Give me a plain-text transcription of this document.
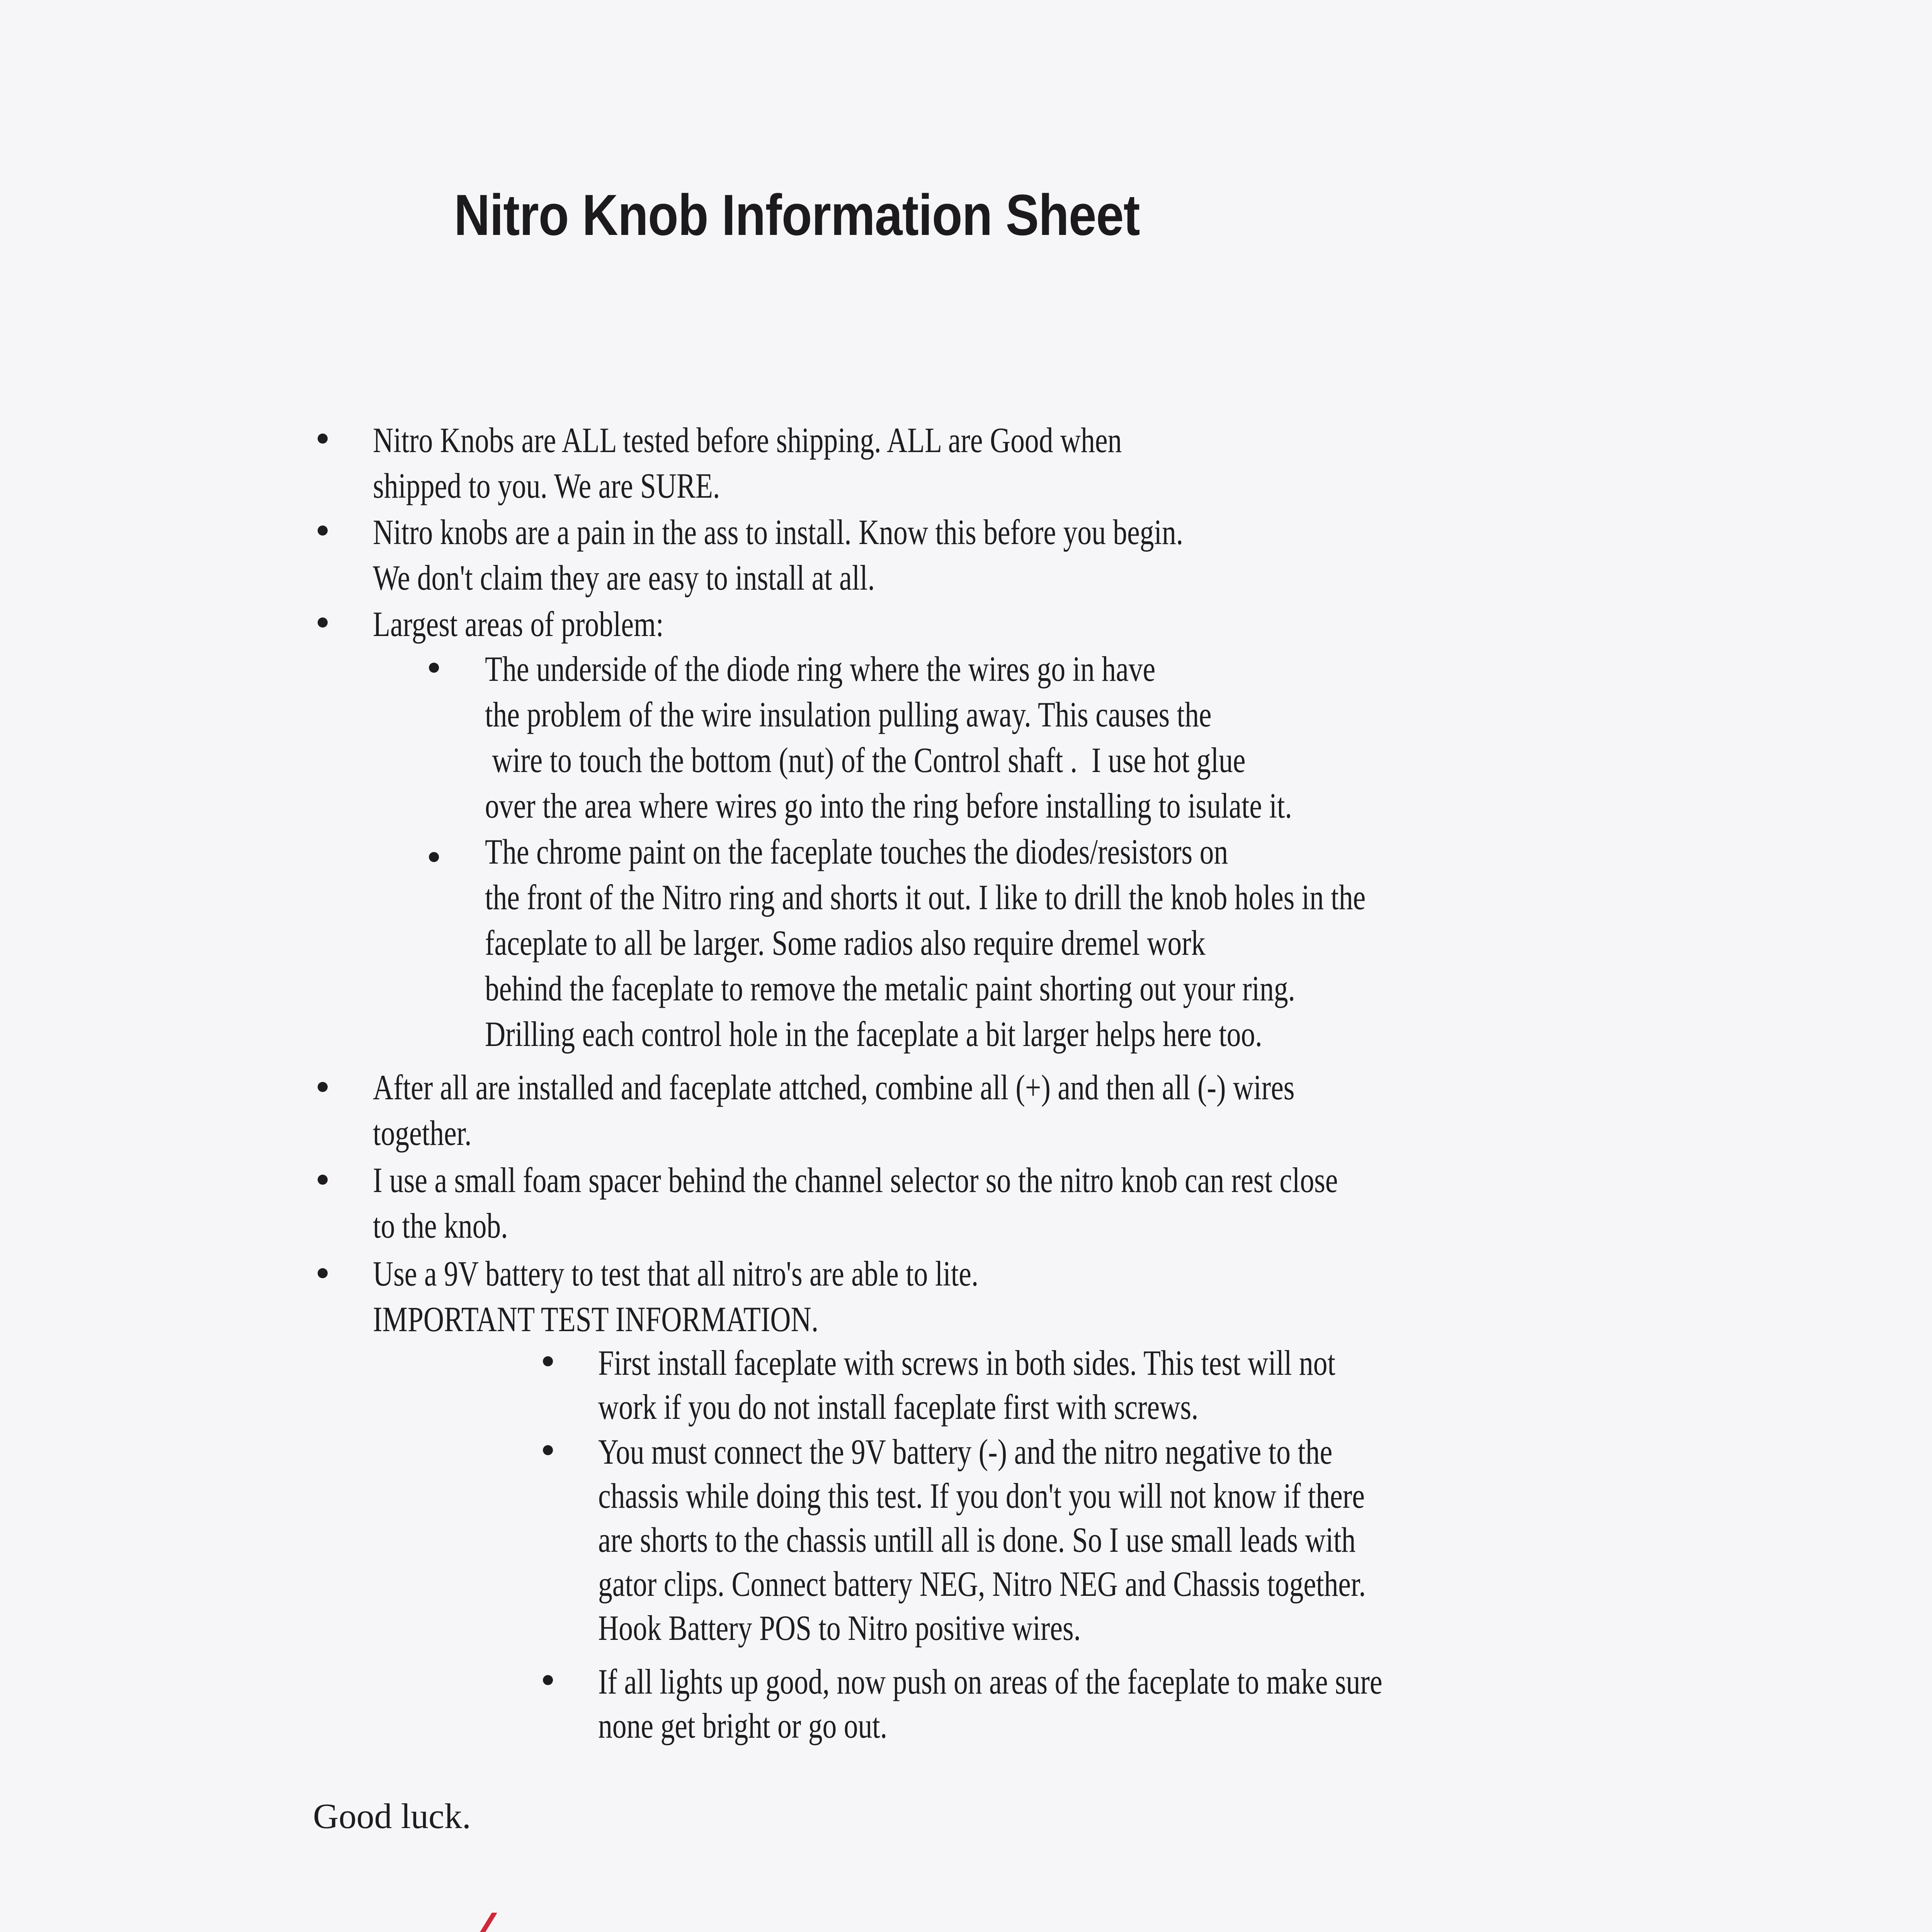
Nitro Knob Information Sheet
Nitro Knobs are ALL tested before shipping. ALL are Good when
shipped to you. We are SURE.
Nitro knobs are a pain in the ass to install. Know this before you begin.
We don't claim they are easy to install at all.
Largest areas of problem:
The underside of the diode ring where the wires go in have
the problem of the wire insulation pulling away. This causes the
wire to touch the bottom (nut) of the Control shaft .  I use hot glue
over the area where wires go into the ring before installing to isulate it.
The chrome paint on the faceplate touches the diodes/resistors on
the front of the Nitro ring and shorts it out. I like to drill the knob holes in the
faceplate to all be larger. Some radios also require dremel work
behind the faceplate to remove the metalic paint shorting out your ring.
Drilling each control hole in the faceplate a bit larger helps here too.
After all are installed and faceplate attched, combine all (+) and then all (-) wires
together.
I use a small foam spacer behind the channel selector so the nitro knob can rest close
to the knob.
Use a 9V battery to test that all nitro's are able to lite.
IMPORTANT TEST INFORMATION.
First install faceplate with screws in both sides. This test will not
work if you do not install faceplate first with screws.
You must connect the 9V battery (-) and the nitro negative to the
chassis while doing this test. If you don't you will not know if there
are shorts to the chassis untill all is done. So I use small leads with
gator clips. Connect battery NEG, Nitro NEG and Chassis together.
Hook Battery POS to Nitro positive wires.
If all lights up good, now push on areas of the faceplate to make sure
none get bright or go out.
Good luck.
